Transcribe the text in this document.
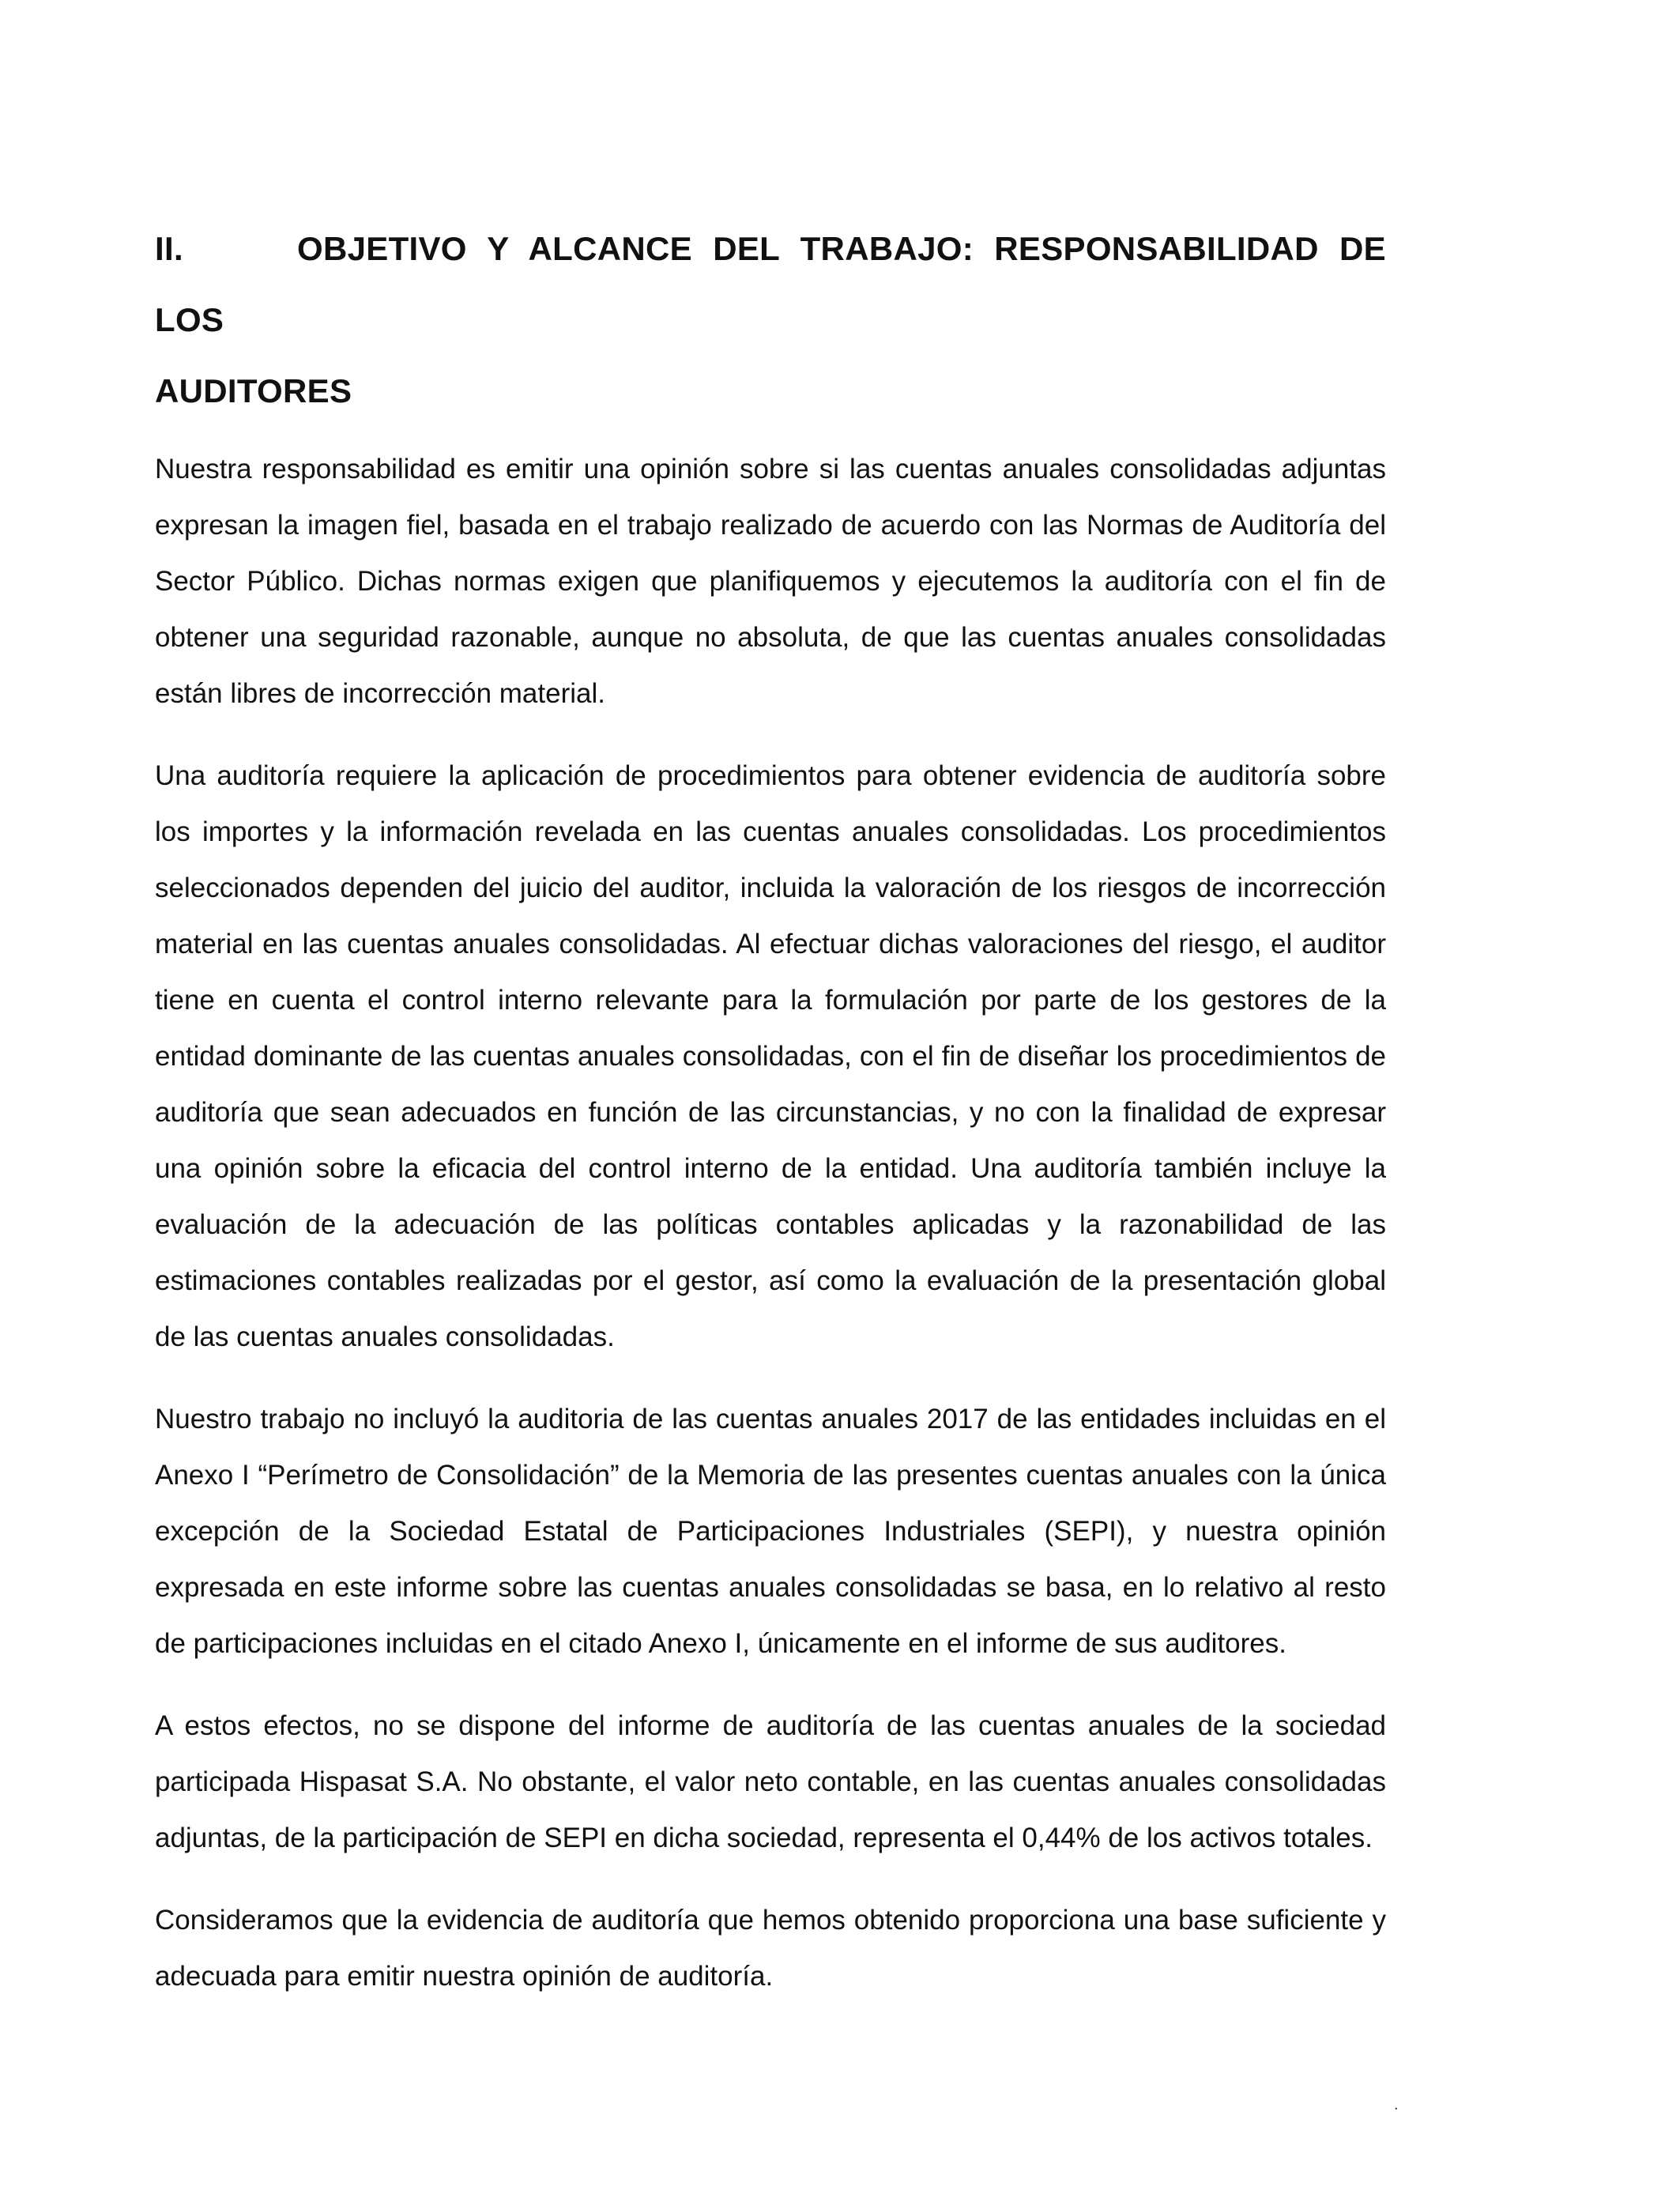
II.	OBJETIVO Y ALCANCE DEL TRABAJO: RESPONSABILIDAD DE LOS
AUDITORES

Nuestra responsabilidad es emitir una opinión sobre si las cuentas anuales consolidadas adjuntas expresan la imagen fiel, basada en el trabajo realizado de acuerdo con las Normas de Auditoría del Sector Público. Dichas normas exigen que planifiquemos y ejecutemos la auditoría con el fin de obtener una seguridad razonable, aunque no absoluta, de que las cuentas anuales consolidadas están libres de incorrección material.

Una auditoría requiere la aplicación de procedimientos para obtener evidencia de auditoría sobre los importes y la información revelada en las cuentas anuales consolidadas. Los procedimientos seleccionados dependen del juicio del auditor, incluida la valoración de los riesgos de incorrección material en las cuentas anuales consolidadas. Al efectuar dichas valoraciones del riesgo, el auditor tiene en cuenta el control interno relevante para la formulación por parte de los gestores de la entidad dominante de las cuentas anuales consolidadas, con el fin de diseñar los procedimientos de auditoría que sean adecuados en función de las circunstancias, y no con la finalidad de expresar una opinión sobre la eficacia del control interno de la entidad. Una auditoría también incluye la evaluación de la adecuación de las políticas contables aplicadas y la razonabilidad de las estimaciones contables realizadas por el gestor, así como la evaluación de la presentación global de las cuentas anuales consolidadas.

Nuestro trabajo no incluyó la auditoria de las cuentas anuales 2017 de las entidades incluidas en el Anexo I “Perímetro de Consolidación” de la Memoria de las presentes cuentas anuales con la única excepción de la Sociedad Estatal de Participaciones Industriales (SEPI), y nuestra opinión expresada en este informe sobre las cuentas anuales consolidadas se basa, en lo relativo al resto de participaciones incluidas en el citado Anexo I, únicamente en el informe de sus auditores.

A estos efectos, no se dispone del informe de auditoría de las cuentas anuales de la sociedad participada Hispasat S.A. No obstante, el valor neto contable, en las cuentas anuales consolidadas adjuntas, de la participación de SEPI en dicha sociedad, representa el 0,44% de los activos totales.

Consideramos que la evidencia de auditoría que hemos obtenido proporciona una base suficiente y adecuada para emitir nuestra opinión de auditoría.

.
